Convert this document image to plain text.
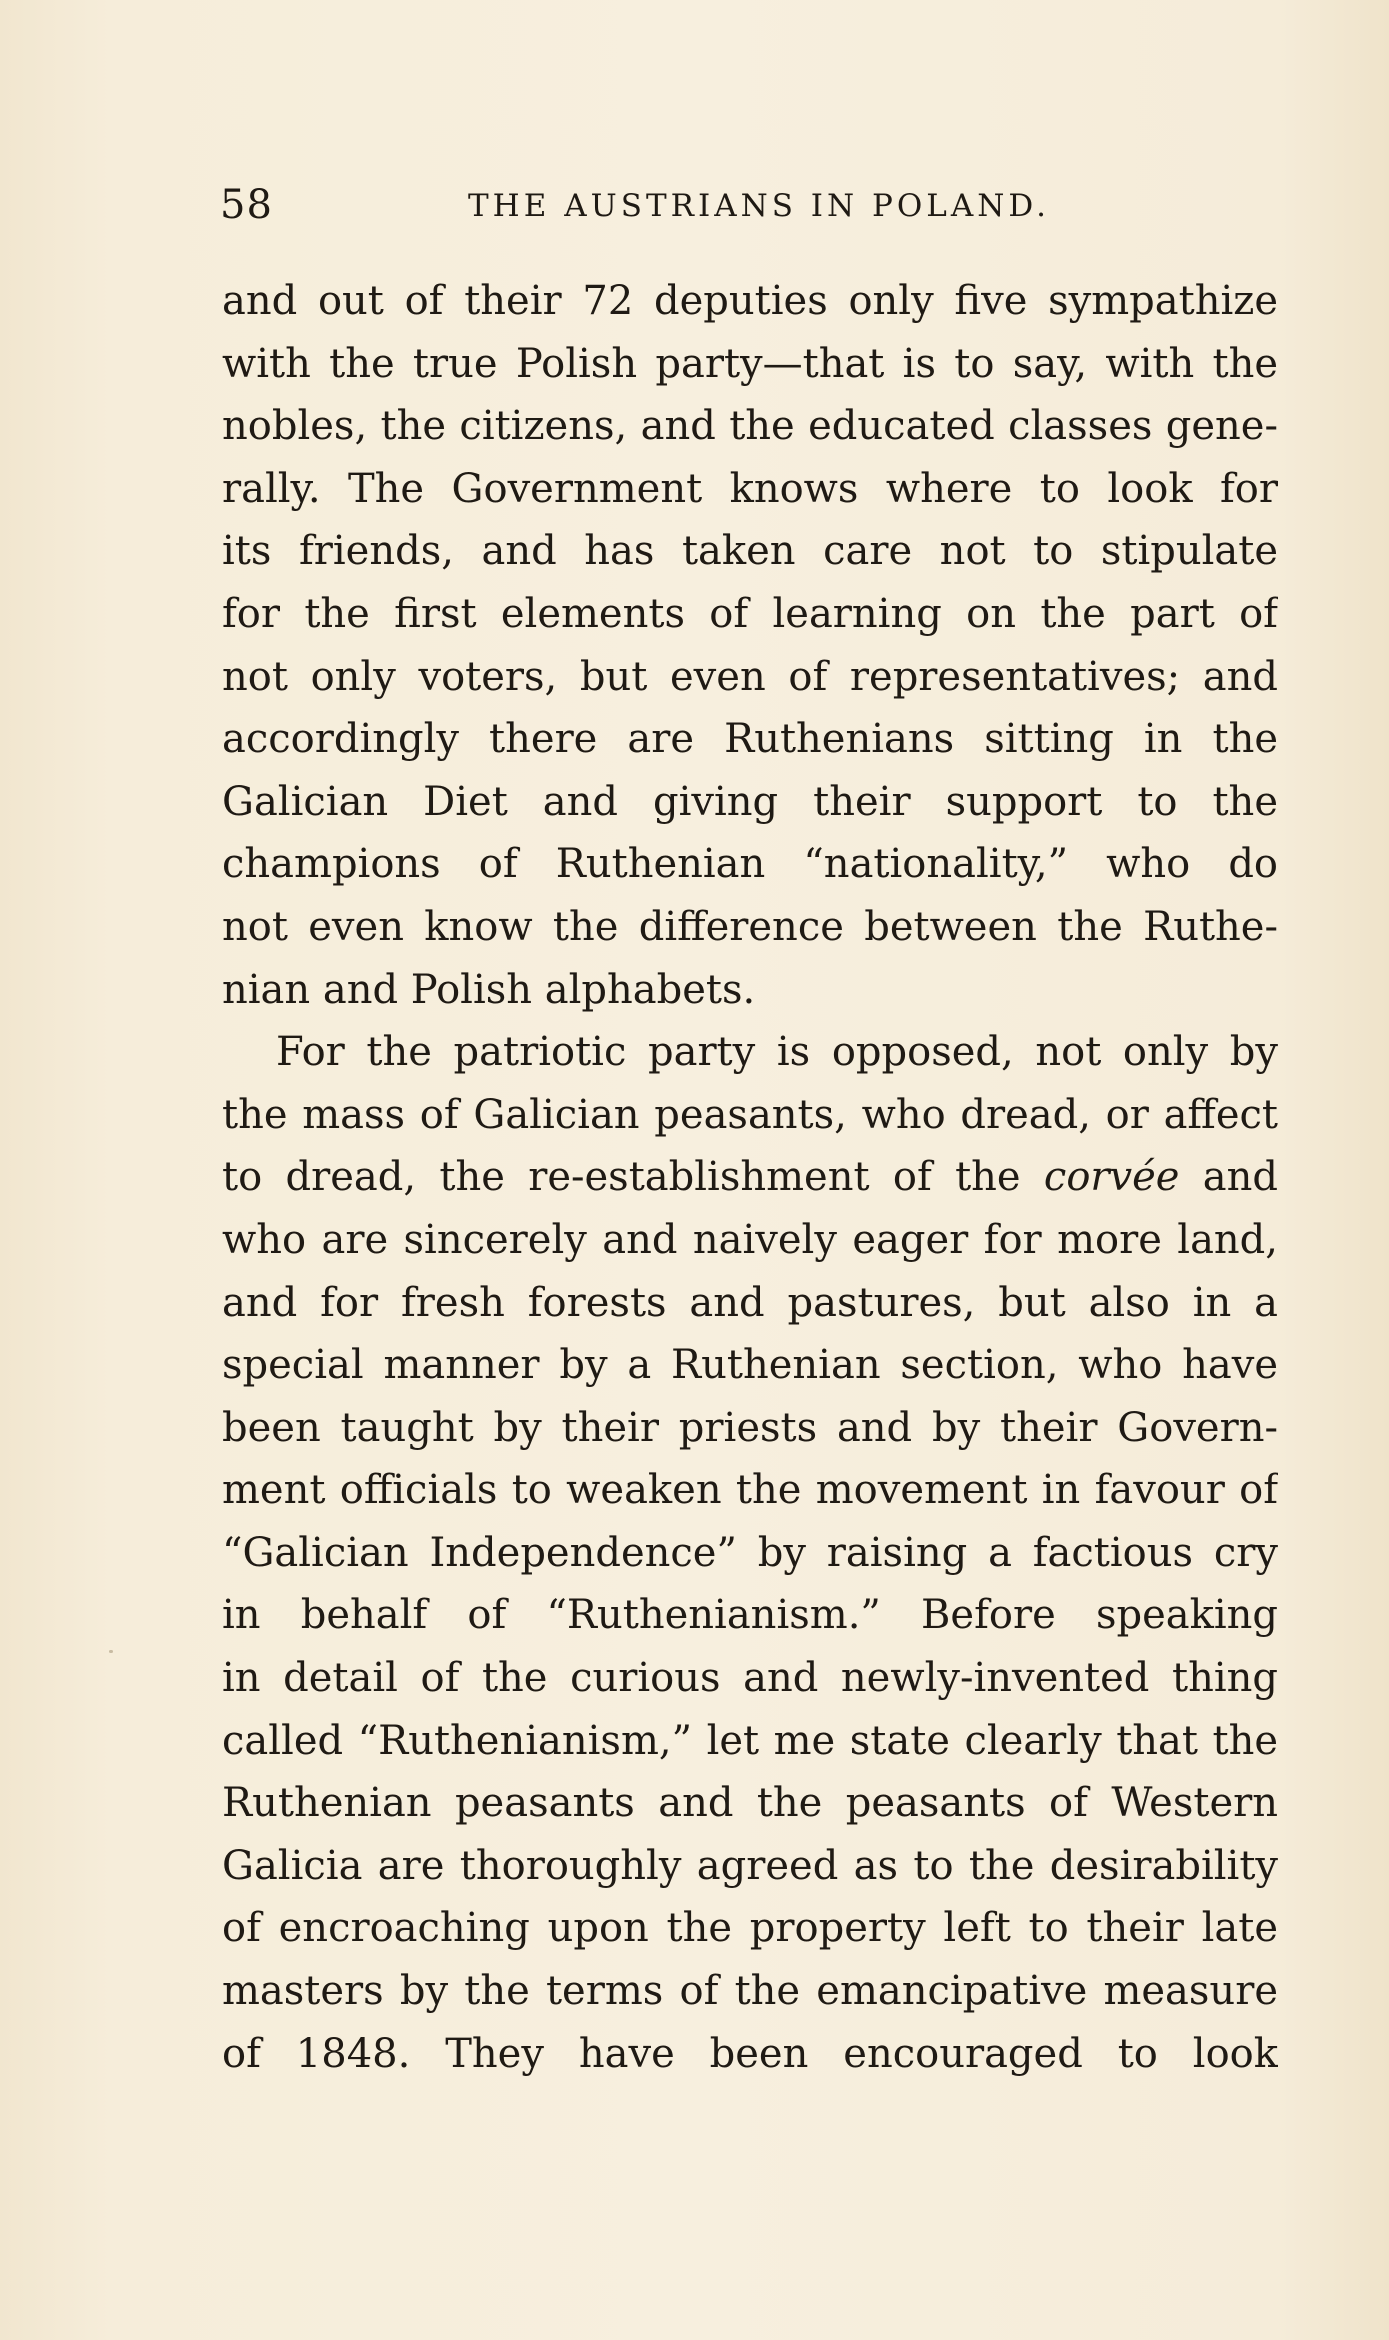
58	THE AUSTRIANS IN POLAND.
and out of their 72 deputies only five sympathize
with the true Polish party—that is to say, with the
nobles, the citizens, and the educated classes gene-
rally. The Government knows where to look for
its friends, and has taken care not to stipulate
for the first elements of learning on the part of
not only voters, but even of representatives; and
accordingly there are Ruthenians sitting in the
Galician Diet and giving their support to the
champions of Ruthenian “nationality,” who do
not even know the difference between the Ruthe-
nian and Polish alphabets.
For the patriotic party is opposed, not only by
the mass of Galician peasants, who dread, or affect
to dread, the re-establishment of the corvée and
who are sincerely and naively eager for more land,
and for fresh forests and pastures, but also in a
special manner by a Ruthenian section, who have
been taught by their priests and by their Govern-
ment officials to weaken the movement in favour of
“Galician Independence” by raising a factious cry
in behalf of “Ruthenianism.” Before speaking
in detail of the curious and newly-invented thing
called “Ruthenianism,” let me state clearly that the
Ruthenian peasants and the peasants of Western
Galicia are thoroughly agreed as to the desirability
of encroaching upon the property left to their late
masters by the terms of the emancipative measure
of 1848. They have been encouraged to look
